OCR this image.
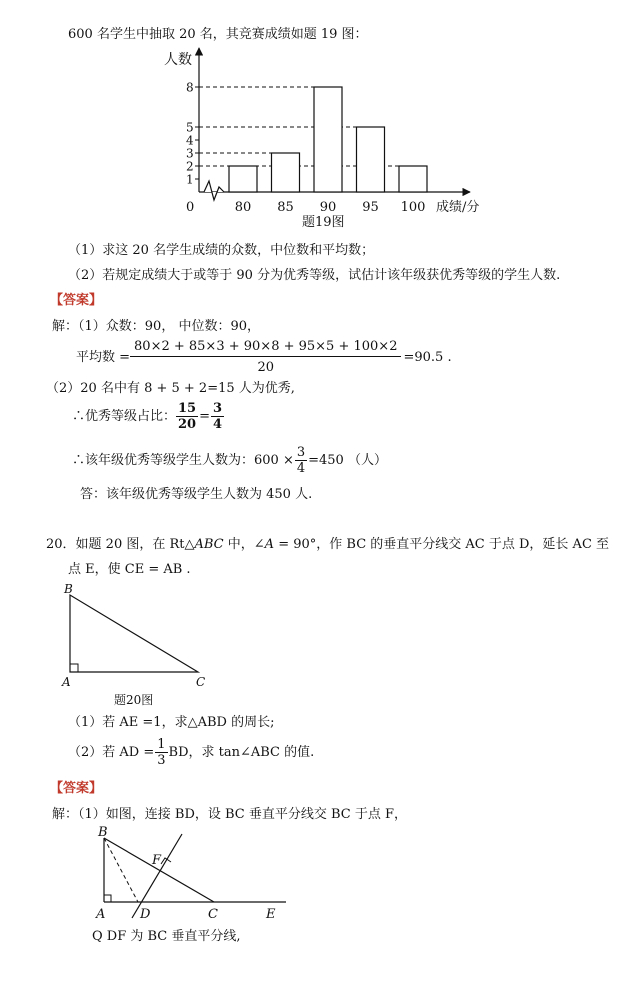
600 名学生中抽取 20 名，其竞赛成绩如题 19 图：
1
2
3
4
5
8
80 85 90 95 100
人数
成绩/分
0
题19图
（1）求这 20 名学生成绩的众数，中位数和平均数；
（2）若规定成绩大于或等于 90 分为优秀等级，试估计该年级获优秀等级的学生人数.
【答案】
解：（1）众数：90， 中位数：90，
平均数 = $\frac{80\times 2 + 85\times 3 + 90\times 8 + 95\times 5 + 100\times 2}{20} =90.5$ .
（2）20 名中有 8 + 5 + 2=15 人为优秀,
∴优秀等级占比： $\frac{15}{20} = \frac{3}{4}$
∴该年级优秀等级学生人数为：$600 \times \frac{3}{4} =450$ （人）
答：该年级优秀等级学生人数为 450 人.
20．如题 20 图，在 Rt△ABC 中，∠A = 90°，作 BC 的垂直平分线交 AC 于点 D，延长 AC 至
点 E，使 CE = AB .
B
A	C
题20图
（1）若 AE =1，求△ABD 的周长;
（2）若 AD = $\frac{1}{3}$ BD，求 tan∠ABC 的值.
【答案】
解：（1）如图，连接 BD，设 BC 垂直平分线交 BC 于点 F，
B
F
A	D	C	E
Q DF 为 BC 垂直平分线,
